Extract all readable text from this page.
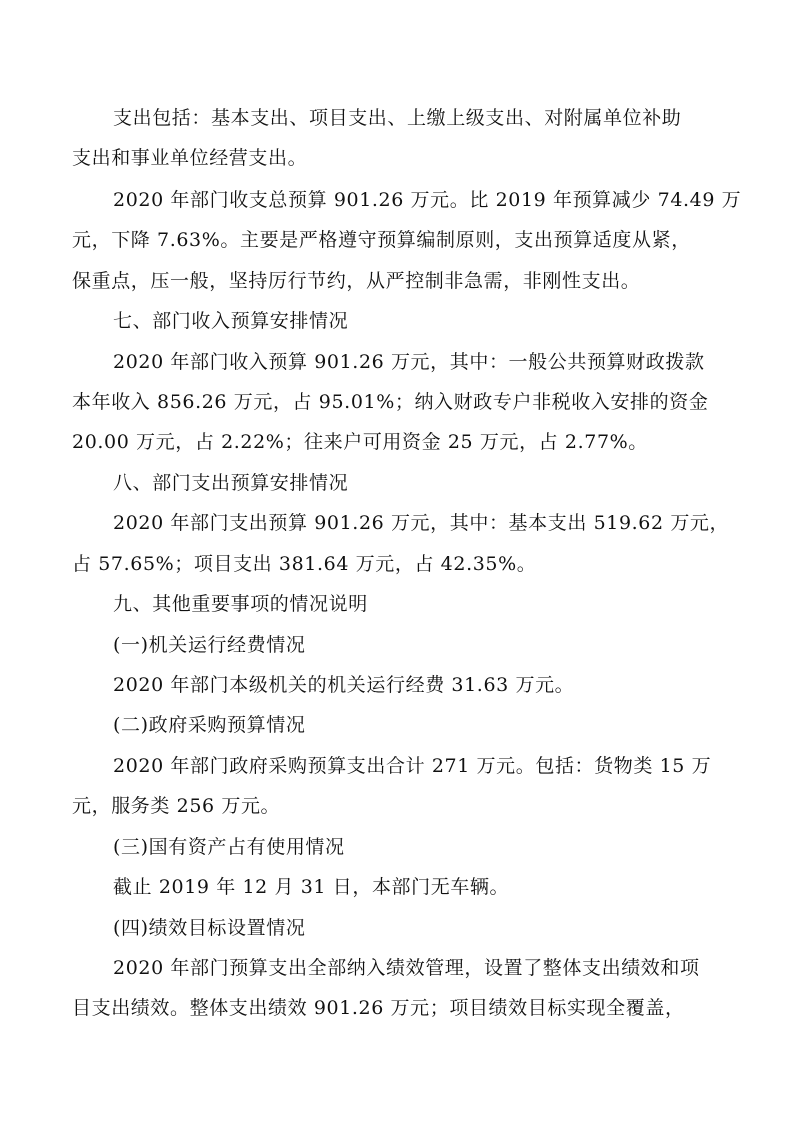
支出包括：基本支出、项目支出、上缴上级支出、对附属单位补助
支出和事业单位经营支出。
2020 年部门收支总预算 901.26 万元。比 2019 年预算减少 74.49 万
元，下降 7.63%。主要是严格遵守预算编制原则，支出预算适度从紧，
保重点，压一般，坚持厉行节约，从严控制非急需，非刚性支出。
七、部门收入预算安排情况
2020 年部门收入预算 901.26 万元，其中：一般公共预算财政拨款
本年收入 856.26 万元，占 95.01%；纳入财政专户非税收入安排的资金
20.00 万元，占 2.22%；往来户可用资金 25 万元，占 2.77%。
八、部门支出预算安排情况
2020 年部门支出预算 901.26 万元，其中：基本支出 519.62 万元，
占 57.65%；项目支出 381.64 万元，占 42.35%。
九、其他重要事项的情况说明
(一)机关运行经费情况
2020 年部门本级机关的机关运行经费 31.63 万元。
(二)政府采购预算情况
2020 年部门政府采购预算支出合计 271 万元。包括：货物类 15 万
元，服务类 256 万元。
(三)国有资产占有使用情况
截止 2019 年 12 月 31 日，本部门无车辆。
(四)绩效目标设置情况
2020 年部门预算支出全部纳入绩效管理，设置了整体支出绩效和项
目支出绩效。整体支出绩效 901.26 万元；项目绩效目标实现全覆盖，
